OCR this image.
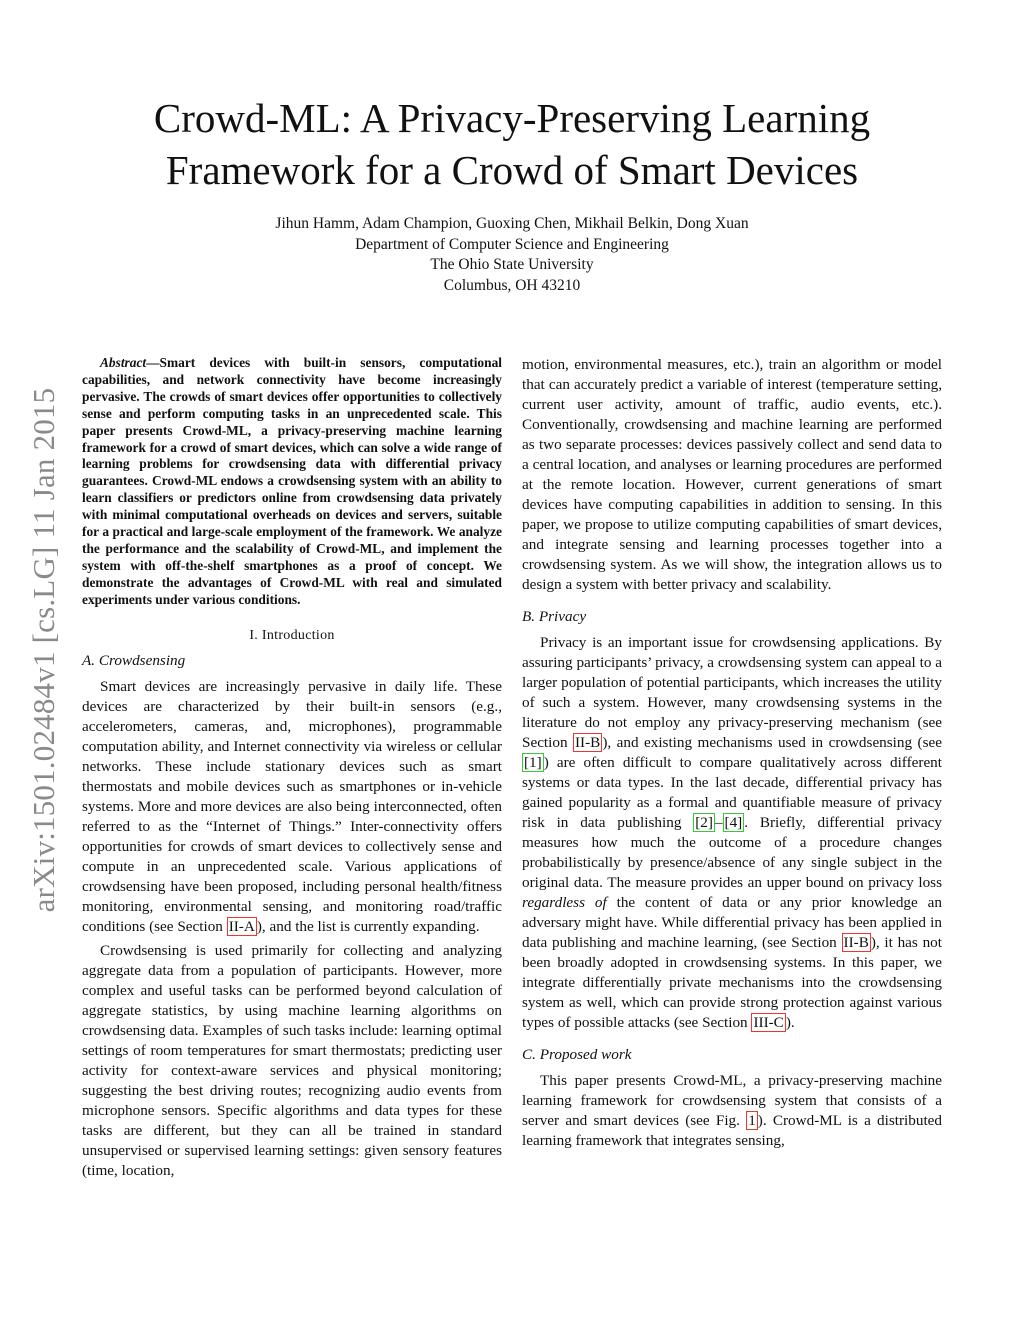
arXiv:1501.02484v1 [cs.LG] 11 Jan 2015
Crowd-ML: A Privacy-Preserving Learning
Framework for a Crowd of Smart Devices
Jihun Hamm, Adam Champion, Guoxing Chen, Mikhail Belkin, Dong Xuan
Department of Computer Science and Engineering
The Ohio State University
Columbus, OH 43210

Abstract—Smart devices with built-in sensors, computational capabilities, and network connectivity have become increasingly pervasive. The crowds of smart devices offer opportunities to collectively sense and perform computing tasks in an unprecedented scale. This paper presents Crowd-ML, a privacy-preserving machine learning framework for a crowd of smart devices, which can solve a wide range of learning problems for crowdsensing data with differential privacy guarantees. Crowd-ML endows a crowdsensing system with an ability to learn classifiers or predictors online from crowdsensing data privately with minimal computational overheads on devices and servers, suitable for a practical and large-scale employment of the framework. We analyze the performance and the scalability of Crowd-ML, and implement the system with off-the-shelf smartphones as a proof of concept. We demonstrate the advantages of Crowd-ML with real and simulated experiments under various conditions.

I. Introduction
A. Crowdsensing

Smart devices are increasingly pervasive in daily life. These devices are characterized by their built-in sensors (e.g., accelerometers, cameras, and, microphones), programmable computation ability, and Internet connectivity via wireless or cellular networks. These include stationary devices such as smart thermostats and mobile devices such as smartphones or in-vehicle systems. More and more devices are also being interconnected, often referred to as the “Internet of Things.” Inter-connectivity offers opportunities for crowds of smart devices to collectively sense and compute in an unprecedented scale. Various applications of crowdsensing have been proposed, including personal health/fitness monitoring, environmental sensing, and monitoring road/traffic conditions (see Section II-A ), and the list is currently expanding.

Crowdsensing is used primarily for collecting and analyzing aggregate data from a population of participants. However, more complex and useful tasks can be performed beyond calculation of aggregate statistics, by using machine learning algorithms on crowdsensing data. Examples of such tasks include: learning optimal settings of room temperatures for smart thermostats; predicting user activity for context-aware services and physical monitoring; suggesting the best driving routes; recognizing audio events from microphone sensors. Specific algorithms and data types for these tasks are different, but they can all be trained in standard unsupervised or supervised learning settings: given sensory features (time, location,

motion, environmental measures, etc.), train an algorithm or model that can accurately predict a variable of interest (temperature setting, current user activity, amount of traffic, audio events, etc.). Conventionally, crowdsensing and machine learning are performed as two separate processes: devices passively collect and send data to a central location, and analyses or learning procedures are performed at the remote location. However, current generations of smart devices have computing capabilities in addition to sensing. In this paper, we propose to utilize computing capabilities of smart devices, and integrate sensing and learning processes together into a crowdsensing system. As we will show, the integration allows us to design a system with better privacy and scalability.

B. Privacy

Privacy is an important issue for crowdsensing applications. By assuring participants’ privacy, a crowdsensing system can appeal to a larger population of potential participants, which increases the utility of such a system. However, many crowdsensing systems in the literature do not employ any privacy-preserving mechanism (see Section II-B ), and existing mechanisms used in crowdsensing (see [1] ) are often difficult to compare qualitatively across different systems or data types. In the last decade, differential privacy has gained popularity as a formal and quantifiable measure of privacy risk in data publishing [2] – [4] . Briefly, differential privacy measures how much the outcome of a procedure changes probabilistically by presence/absence of any single subject in the original data. The measure provides an upper bound on privacy loss regardless of the content of data or any prior knowledge an adversary might have. While differential privacy has been applied in data publishing and machine learning, (see Section II-B ), it has not been broadly adopted in crowdsensing systems. In this paper, we integrate differentially private mechanisms into the crowdsensing system as well, which can provide strong protection against various types of possible attacks (see Section III-C ).

C. Proposed work

This paper presents Crowd-ML, a privacy-preserving machine learning framework for crowdsensing system that consists of a server and smart devices (see Fig. 1 ). Crowd-ML is a distributed learning framework that integrates sensing,
